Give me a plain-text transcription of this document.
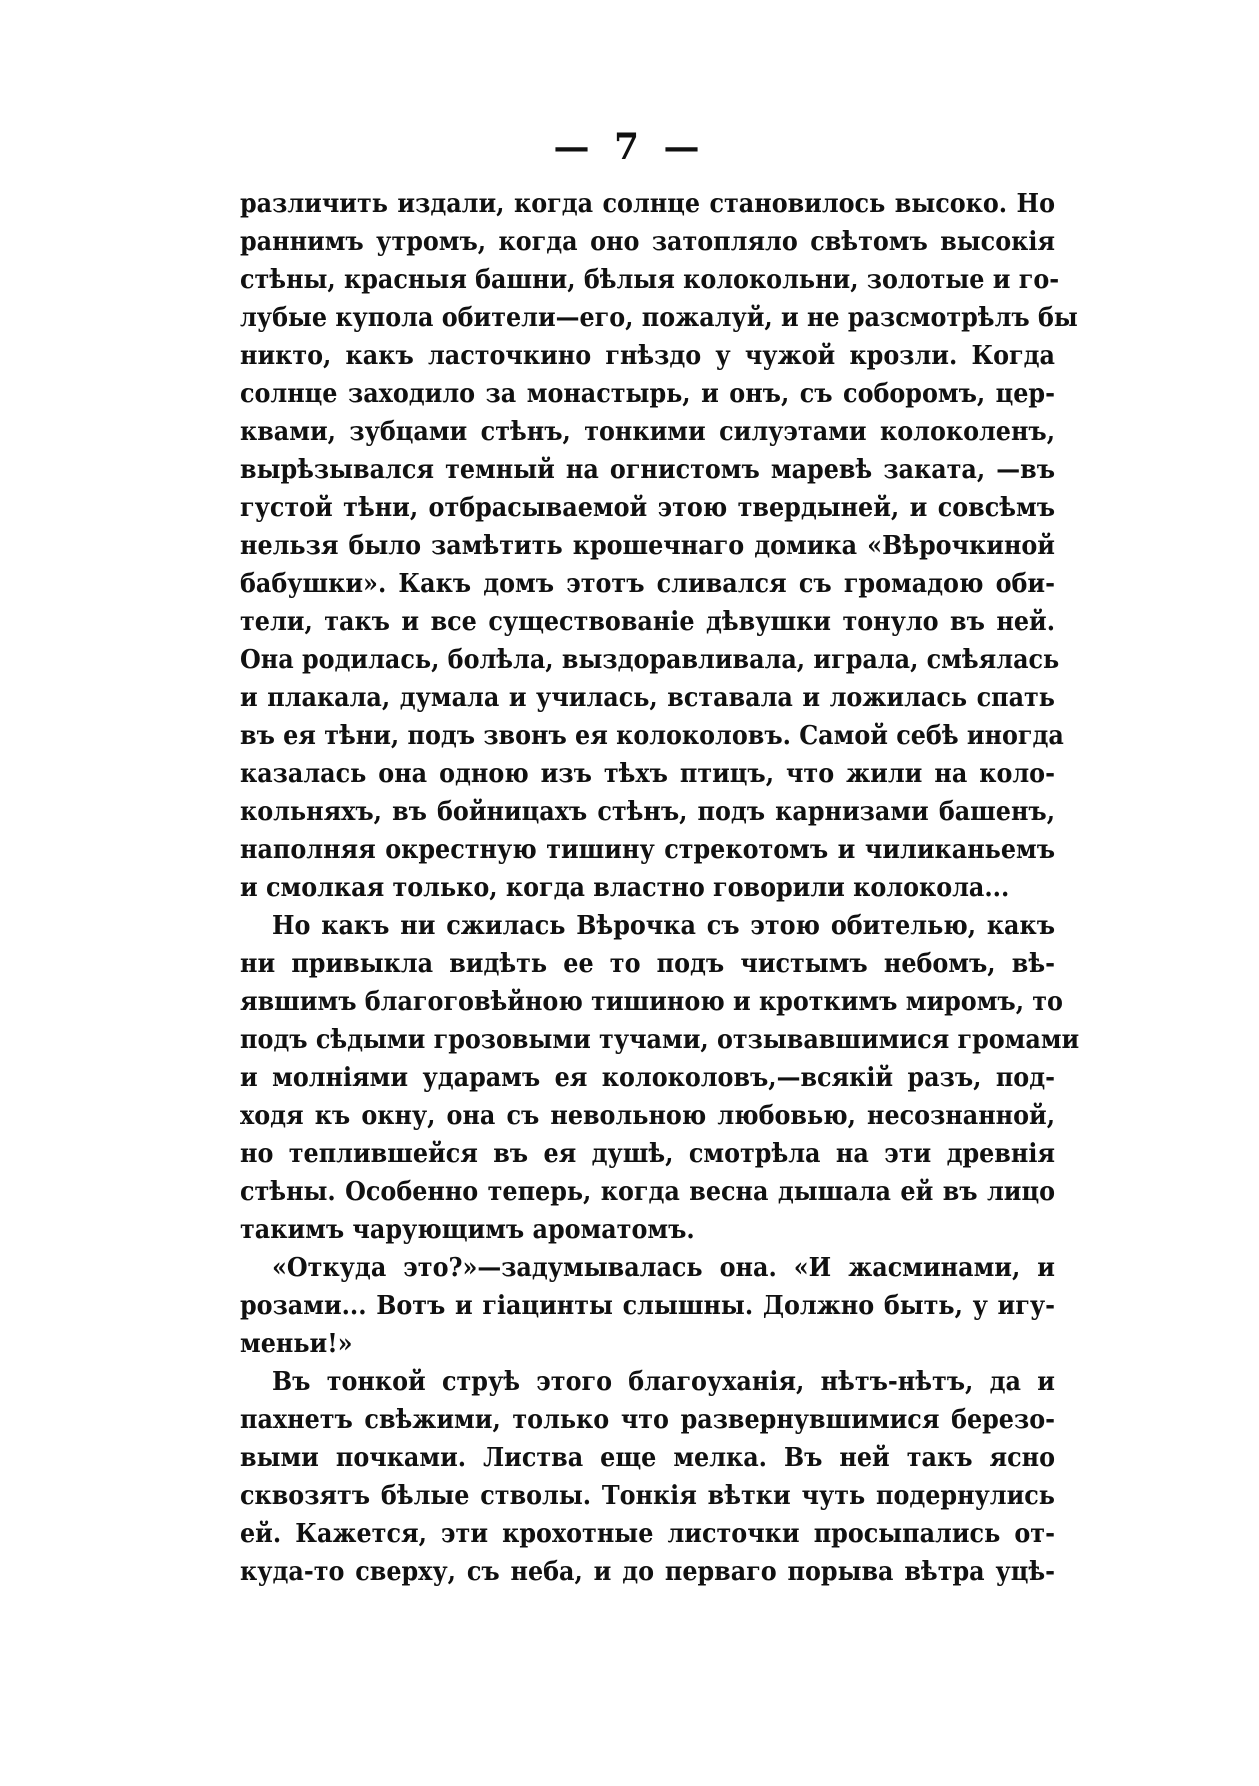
— 7 —
различить издали, когда солнце становилось высоко. Но
раннимъ утромъ, когда оно затопляло свѣтомъ высокія
стѣны, красныя башни, бѣлыя колокольни, золотые и го-
лубые купола обители—его, пожалуй, и не разсмотрѣлъ бы
никто, какъ ласточкино гнѣздо у чужой крозли. Когда
солнце заходило за монастырь, и онъ, съ соборомъ, цер-
квами, зубцами стѣнъ, тонкими силуэтами колоколенъ,
вырѣзывался темный на огнистомъ маревѣ заката, —въ
густой тѣни, отбрасываемой этою твердыней, и совсѣмъ
нельзя было замѣтить крошечнаго домика «Вѣрочкиной
бабушки». Какъ домъ этотъ сливался съ громадою оби-
тели, такъ и все существованіе дѣвушки тонуло въ ней.
Она родилась, болѣла, выздоравливала, играла, смѣялась
и плакала, думала и училась, вставала и ложилась спать
въ ея тѣни, подъ звонъ ея колоколовъ. Самой себѣ иногда
казалась она одною изъ тѣхъ птицъ, что жили на коло-
кольняхъ, въ бойницахъ стѣнъ, подъ карнизами башенъ,
наполняя окрестную тишину стрекотомъ и чиликаньемъ
и смолкая только, когда властно говорили колокола...
Но какъ ни сжилась Вѣрочка съ этою обителью, какъ
ни привыкла видѣть ее то подъ чистымъ небомъ, вѣ-
явшимъ благоговѣйною тишиною и кроткимъ миромъ, то
подъ сѣдыми грозовыми тучами, отзывавшимися громами
и молніями ударамъ ея колоколовъ,—всякій разъ, под-
ходя къ окну, она съ невольною любовью, несознанной,
но теплившейся въ ея душѣ, смотрѣла на эти древнія
стѣны. Особенно теперь, когда весна дышала ей въ лицо
такимъ чарующимъ ароматомъ.
«Откуда это?»—задумывалась она. «И жасминами, и
розами... Вотъ и гіацинты слышны. Должно быть, у игу-
меньи!»
Въ тонкой струѣ этого благоуханія, нѣтъ-нѣтъ, да и
пахнетъ свѣжими, только что развернувшимися березо-
выми почками. Листва еще мелка. Въ ней такъ ясно
сквозятъ бѣлые стволы. Тонкія вѣтки чуть подернулись
ей. Кажется, эти крохотные листочки просыпались от-
куда-то сверху, съ неба, и до перваго порыва вѣтра уцѣ-
